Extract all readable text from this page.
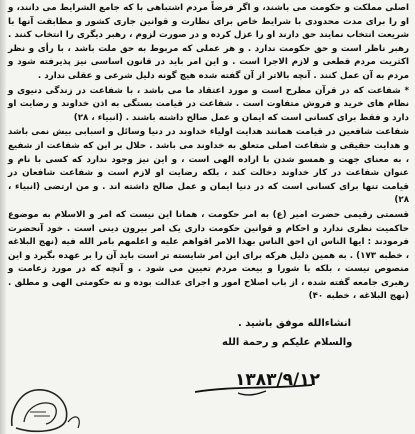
اصلی مملکت و حکومت می باشند، و اگر فرضاً مردم اشتباهی با که جامع الشرایط می دانند، و او را برای مدت محدودی با شرایط خاص برای نظارت و قوانین جاری کشور و مطابقت آنها با شریعت انتخاب نمایند حق دارند او را عزل کرده و در صورت لزوم ، رهبر دیگری را انتخاب کنند . رهبر ناظر است و حق حکومت ندارد . و هر عملی که مربوط به حق ملت باشد ، با رأی و نظر اکثریت مردم قطعی و لازم الاجرا است . و این امر باید در قانون اساسی نیز پذیرفته شود و مردم به آن عمل کنند . آنچه بالاتر از آن گفته شده هیچ گونه دلیل شرعی و عقلی ندارد .

* شفاعت که در قرآن مطرح است و مورد اعتقاد ما می باشد ، با شفاعت در زندگی دنیوی و نظام های خرید و فروش متفاوت است . شفاعت در قیامت بستگی به اذن خداوند و رضایت او دارد و فقط برای کسانی است که ایمان و عمل صالح داشته باشند . (انبیاء ، ۲۸)

شفاعت شافعین در قیامت همانند هدایت اولیاء خداوند در دنیا وسائل و اسبابی بیش نمی باشد و هدایت حقیقی و شفاعت اصلی متعلق به خداوند می باشد . حلال بر این که شفاعت از شفیع ، به معنای جهت و همسو شدن با اراده الهی است ، و این نیز وجود ندارد که کسی با نام و عنوان شفاعت در کار خداوند دخالت کند ، بلکه رضایت او لازم است و شفاعت شافعان در قیامت تنها برای کسانی است که در دنیا ایمان و عمل صالح داشته اند . و من ارتضی (انبیاء ، ۲۸)

قسمتی رقیمی حضرت امیر (ع) به امر حکومت ، همانا این نیست که امر و الاسلام به موضوع حاکمیت نظری ندارد و احکام و قوانین حکومت داری یک امر بیرون دینی است . خود آنحضرت فرمودند : ایها الناس ان احق الناس بهذا الامر اقواهم علیه و اعلمهم بامر الله فیه (نهج البلاغه ، خطبه ۱۷۳) . به همین دلیل هرکه برای این امر شایسته تر است باید آن را بر عهده بگیرد و این منصوص نیست ، بلکه با شورا و بیعت مردم تعیین می شود . و آنچه که در مورد زعامت و رهبری جامعه گفته شده ، از باب اصلاح امور و اجرای عدالت بوده و نه حکومتی الهی و مطلق . (نهج البلاغه ، خطبه ۴۰)

انشاءالله موفق باشید .
والسلام علیکم و رحمة الله
۱۳۸۳/۹/۱۲
